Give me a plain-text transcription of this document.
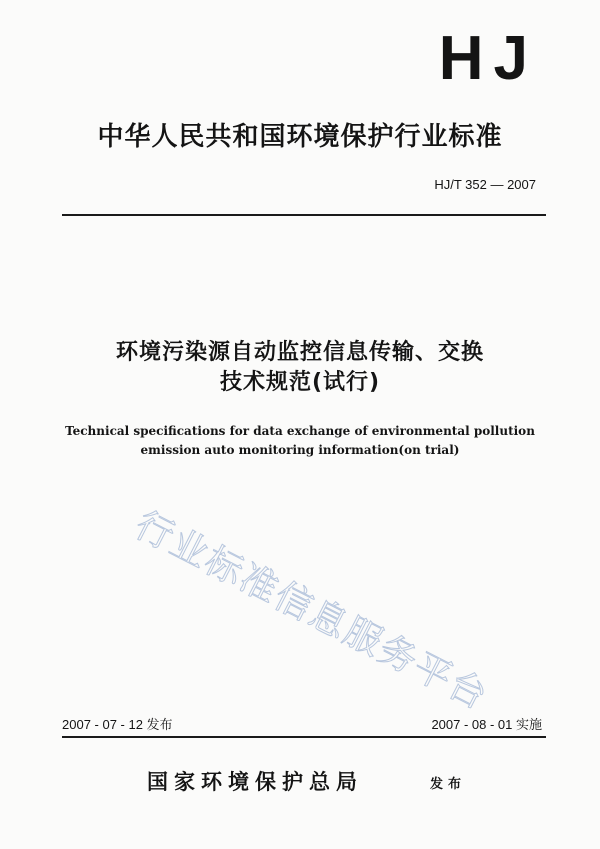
HJ
中华人民共和国环境保护行业标准
HJ/T 352 — 2007
环境污染源自动监控信息传输、交换
技术规范(试行)
Technical specifications for data exchange of environmental pollution
emission auto monitoring information(on trial)
行业标准信息服务平台
2007 - 07 - 12 发布	2007 - 08 - 01 实施
国家环境保护总局	发布
